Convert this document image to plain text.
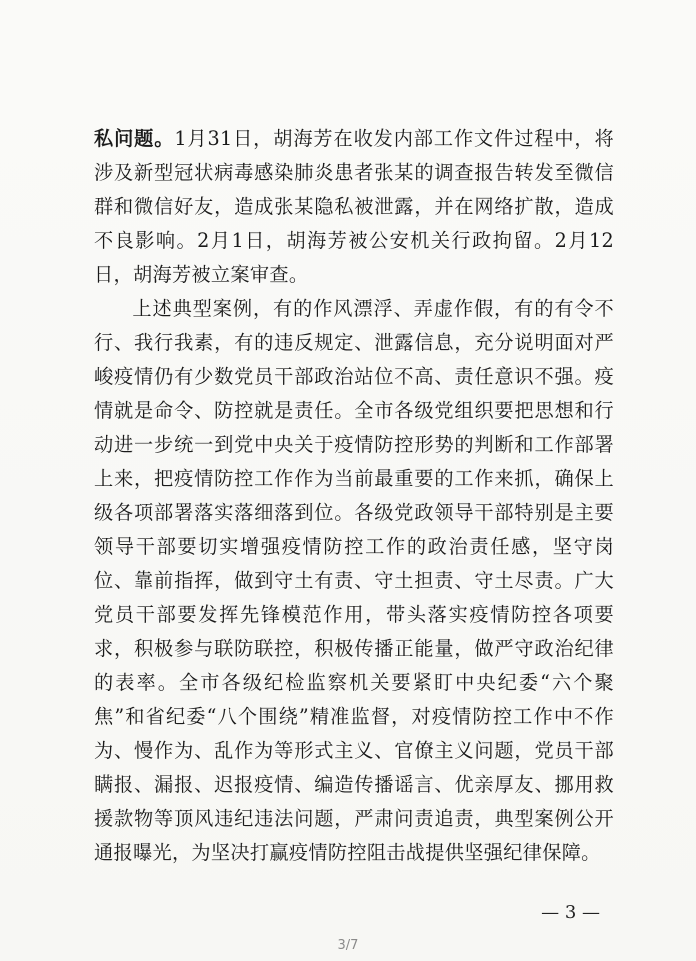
私问题。1月31日，胡海芳在收发内部工作文件过程中，将涉及新型冠状病毒感染肺炎患者张某的调查报告转发至微信群和微信好友，造成张某隐私被泄露，并在网络扩散，造成不良影响。2月1日，胡海芳被公安机关行政拘留。2月12日，胡海芳被立案审查。

上述典型案例，有的作风漂浮、弄虚作假，有的有令不行、我行我素，有的违反规定、泄露信息，充分说明面对严峻疫情仍有少数党员干部政治站位不高、责任意识不强。疫情就是命令、防控就是责任。全市各级党组织要把思想和行动进一步统一到党中央关于疫情防控形势的判断和工作部署上来，把疫情防控工作作为当前最重要的工作来抓，确保上级各项部署落实落细落到位。各级党政领导干部特别是主要领导干部要切实增强疫情防控工作的政治责任感，坚守岗位、靠前指挥，做到守土有责、守土担责、守土尽责。广大党员干部要发挥先锋模范作用，带头落实疫情防控各项要求，积极参与联防联控，积极传播正能量，做严守政治纪律的表率。全市各级纪检监察机关要紧盯中央纪委“六个聚焦”和省纪委“八个围绕”精准监督，对疫情防控工作中不作为、慢作为、乱作为等形式主义、官僚主义问题，党员干部瞒报、漏报、迟报疫情、编造传播谣言、优亲厚友、挪用救援款物等顶风违纪违法问题，严肃问责追责，典型案例公开通报曝光，为坚决打赢疫情防控阻击战提供坚强纪律保障。

— 3 —
3/7
